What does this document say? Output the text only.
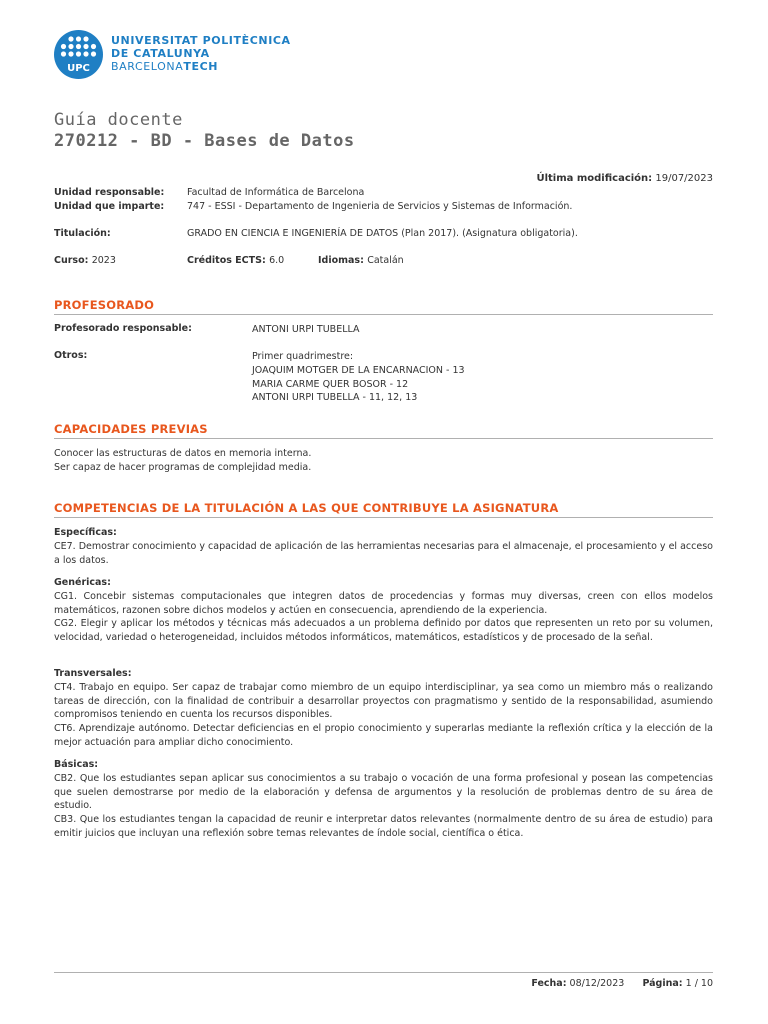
UPC
UNIVERSITAT POLITÈCNICA
DE CATALUNYA
BARCELONATECH
Guía docente
270212 - BD - Bases de Datos
Última modificación: 19/07/2023
Unidad responsable: Facultad de Informática de Barcelona
Unidad que imparte: 747 - ESSI - Departamento de Ingenieria de Servicios y Sistemas de Información.
Titulación:	GRADO EN CIENCIA E INGENIERÍA DE DATOS (Plan 2017). (Asignatura obligatoria).
Curso: 2023	Créditos ECTS: 6.0	Idiomas: Catalán
PROFESORADO
Profesorado responsable:	ANTONI URPI TUBELLA
Otros:	Primer quadrimestre:
JOAQUIM MOTGER DE LA ENCARNACION - 13
MARIA CARME QUER BOSOR - 12
ANTONI URPI TUBELLA - 11, 12, 13
CAPACIDADES PREVIAS
Conocer las estructuras de datos en memoria interna.
Ser capaz de hacer programas de complejidad media.
COMPETENCIAS DE LA TITULACIÓN A LAS QUE CONTRIBUYE LA ASIGNATURA
Específicas:
CE7. Demostrar conocimiento y capacidad de aplicación de las herramientas necesarias para el almacenaje, el procesamiento y el acceso a los datos.
Genéricas:
CG1. Concebir sistemas computacionales que integren datos de procedencias y formas muy diversas, creen con ellos modelos matemáticos, razonen sobre dichos modelos y actúen en consecuencia, aprendiendo de la experiencia.
CG2. Elegir y aplicar los métodos y técnicas más adecuados a un problema definido por datos que representen un reto por su volumen, velocidad, variedad o heterogeneidad, incluidos métodos informáticos, matemáticos, estadísticos y de procesado de la señal.
Transversales:
CT4. Trabajo en equipo. Ser capaz de trabajar como miembro de un equipo interdisciplinar, ya sea como un miembro más o realizando tareas de dirección, con la finalidad de contribuir a desarrollar proyectos con pragmatismo y sentido de la responsabilidad, asumiendo compromisos teniendo en cuenta los recursos disponibles.
CT6. Aprendizaje autónomo. Detectar deficiencias en el propio conocimiento y superarlas mediante la reflexión crítica y la elección de la mejor actuación para ampliar dicho conocimiento.
Básicas:
CB2. Que los estudiantes sepan aplicar sus conocimientos a su trabajo o vocación de una forma profesional y posean las competencias que suelen demostrarse por medio de la elaboración y defensa de argumentos y la resolución de problemas dentro de su área de estudio.
CB3. Que los estudiantes tengan la capacidad de reunir e interpretar datos relevantes (normalmente dentro de su área de estudio) para emitir juicios que incluyan una reflexión sobre temas relevantes de índole social, científica o ética.
Fecha: 08/12/2023 Página: 1 / 10
